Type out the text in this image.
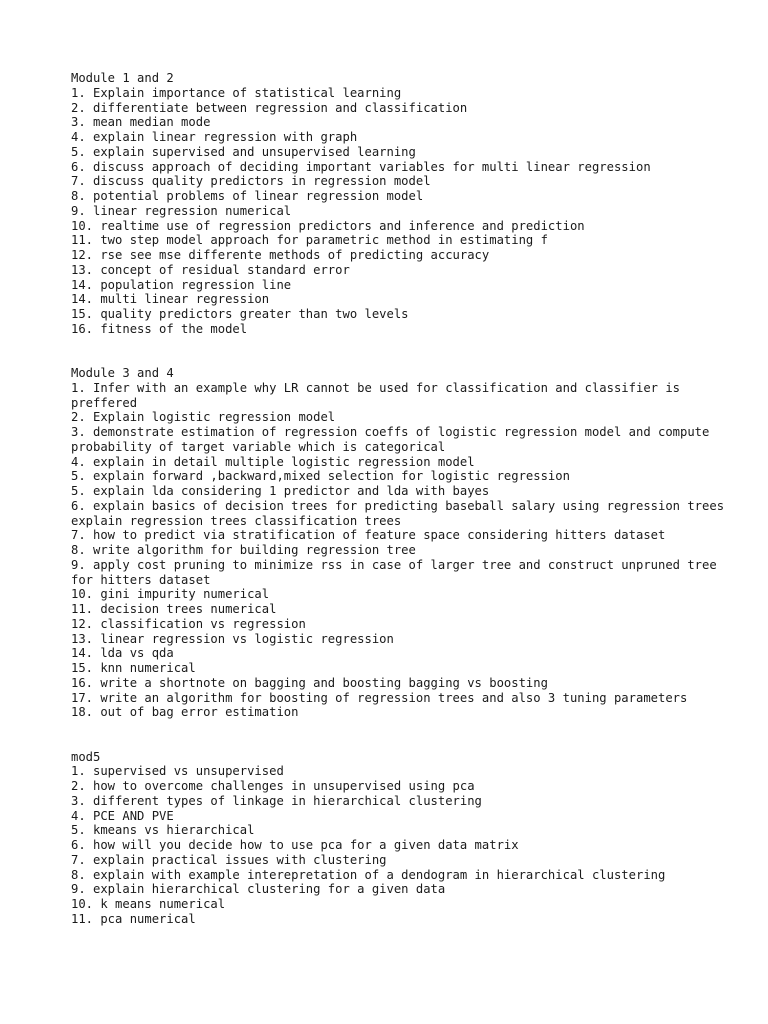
Module 1 and 2
1. Explain importance of statistical learning
2. differentiate between regression and classification
3. mean median mode
4. explain linear regression with graph
5. explain supervised and unsupervised learning
6. discuss approach of deciding important variables for multi linear regression
7. discuss quality predictors in regression model
8. potential problems of linear regression model
9. linear regression numerical
10. realtime use of regression predictors and inference and prediction
11. two step model approach for parametric method in estimating f
12. rse see mse differente methods of predicting accuracy
13. concept of residual standard error
14. population regression line
14. multi linear regression
15. quality predictors greater than two levels
16. fitness of the model
Module 3 and 4
1. Infer with an example why LR cannot be used for classification and classifier is preffered
2. Explain logistic regression model
3. demonstrate estimation of regression coeffs of logistic regression model and compute probability of target variable which is categorical
4. explain in detail multiple logistic regression model
5. explain forward ,backward,mixed selection for logistic regression
5. explain lda considering 1 predictor and lda with bayes
6. explain basics of decision trees for predicting baseball salary using regression trees explain regression trees classification trees
7. how to predict via stratification of feature space considering hitters dataset
8. write algorithm for building regression tree
9. apply cost pruning to minimize rss in case of larger tree and construct unpruned tree for hitters dataset
10. gini impurity numerical
11. decision trees numerical
12. classification vs regression
13. linear regression vs logistic regression
14. lda vs qda
15. knn numerical
16. write a shortnote on bagging and boosting bagging vs boosting
17. write an algorithm for boosting of regression trees and also 3 tuning parameters
18. out of bag error estimation
mod5
1. supervised vs unsupervised
2. how to overcome challenges in unsupervised using pca
3. different types of linkage in hierarchical clustering
4. PCE AND PVE
5. kmeans vs hierarchical
6. how will you decide how to use pca for a given data matrix
7. explain practical issues with clustering
8. explain with example interepretation of a dendogram in hierarchical clustering
9. explain hierarchical clustering for a given data
10. k means numerical
11. pca numerical
